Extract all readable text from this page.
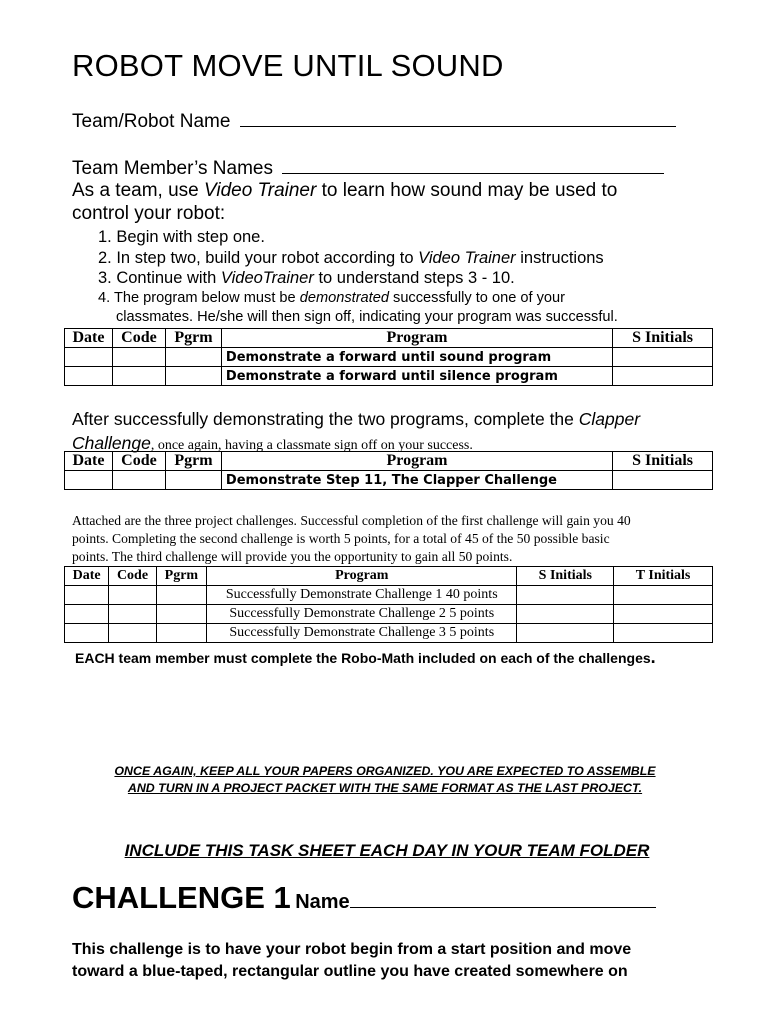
ROBOT MOVE UNTIL SOUND
Team/Robot Name
Team Member’s Names
As a team, use Video Trainer to learn how sound may be used to
control your robot:
1. Begin with step one.
2. In step two, build your robot according to Video Trainer instructions
3. Continue with VideoTrainer to understand steps 3 - 10.
4. The program below must be demonstrated successfully to one of your
classmates. He/she will then sign off, indicating your program was successful.
Date	Code	Pgrm	Program	S Initials
			Demonstrate a forward until sound program	
			Demonstrate a forward until silence program	
After successfully demonstrating the two programs, complete the Clapper
Challenge, once again, having a classmate sign off on your success.
Date	Code	Pgrm	Program	S Initials
			Demonstrate Step 11, The Clapper Challenge	
Attached are the three project challenges. Successful completion of the first challenge will gain you 40
points. Completing the second challenge is worth 5 points, for a total of 45 of the 50 possible basic
points. The third challenge will provide you the opportunity to gain all 50 points.
Date	Code	Pgrm	Program	S Initials	T Initials
			Successfully Demonstrate Challenge 1 40 points		
			Successfully Demonstrate Challenge 2 5 points		
			Successfully Demonstrate Challenge 3 5 points		
EACH team member must complete the Robo-Math included on each of the challenges.
ONCE AGAIN, KEEP ALL YOUR PAPERS ORGANIZED. YOU ARE EXPECTED TO ASSEMBLE
AND TURN IN A PROJECT PACKET WITH THE SAME FORMAT AS THE LAST PROJECT.
INCLUDE THIS TASK SHEET EACH DAY IN YOUR TEAM FOLDER
CHALLENGE 1 Name
This challenge is to have your robot begin from a start position and move
toward a blue-taped, rectangular outline you have created somewhere on
